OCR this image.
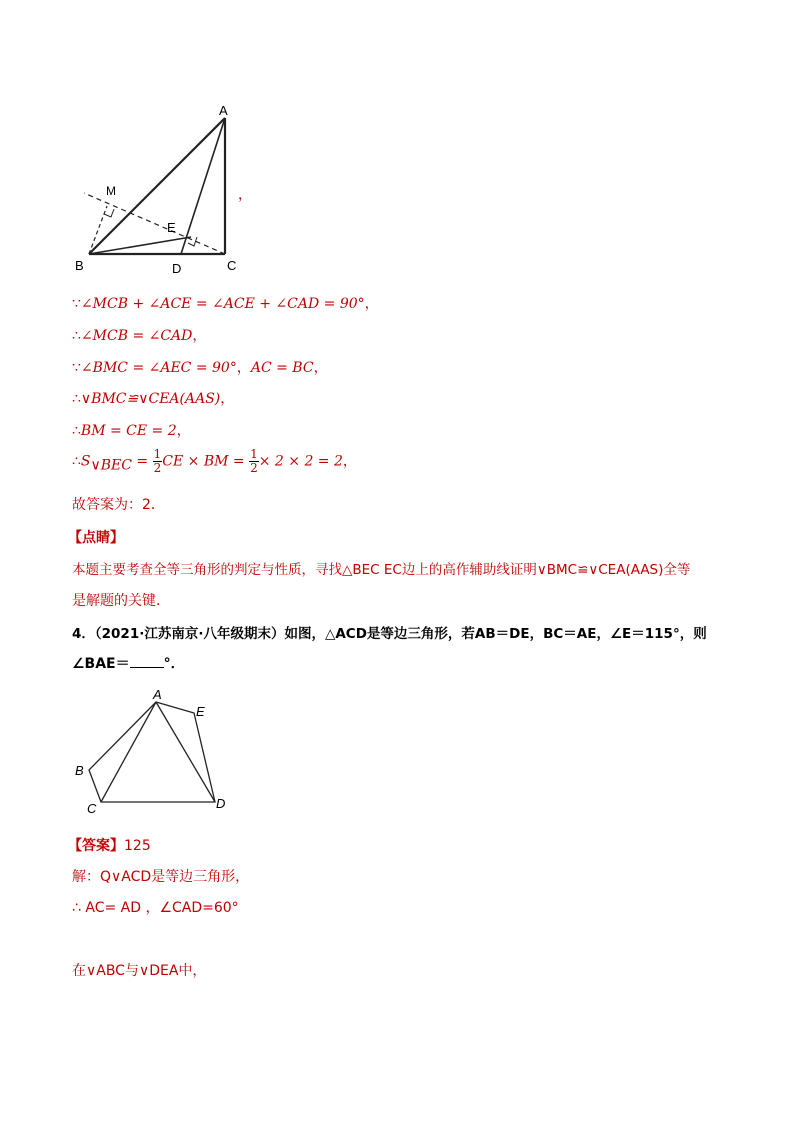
A
B	C
D
E
M	，
∵∠MCB + ∠ACE = ∠ACE + ∠CAD = 90°，
∴∠MCB = ∠CAD，
∵∠BMC = ∠AEC = 90°，AC = BC，
∴∨BMC≌∨CEA(AAS)，
∴BM = CE = 2，
$\therefore S_{\vee BEC} = \frac{1}{2}$ CE × BM = $\frac{1}{2} \times 2 \times 2 = 2$，
故答案为：2．
【点睛】
本题主要考查全等三角形的判定与性质，寻找△BEC EC边上的高作辅助线证明∨BMC≌∨CEA(AAS)全等
是解题的关键．
4．（2021·江苏南京·八年级期末）如图，△ACD是等边三角形，若AB＝DE，BC＝AE，∠E＝115°，则
∠BAE＝ °．
A
B
C	D
E
【答案】125
解：Q∨ACD是等边三角形，
∴ AC= AD ，∠CAD=60°
在∨ABC与∨DEA中，
